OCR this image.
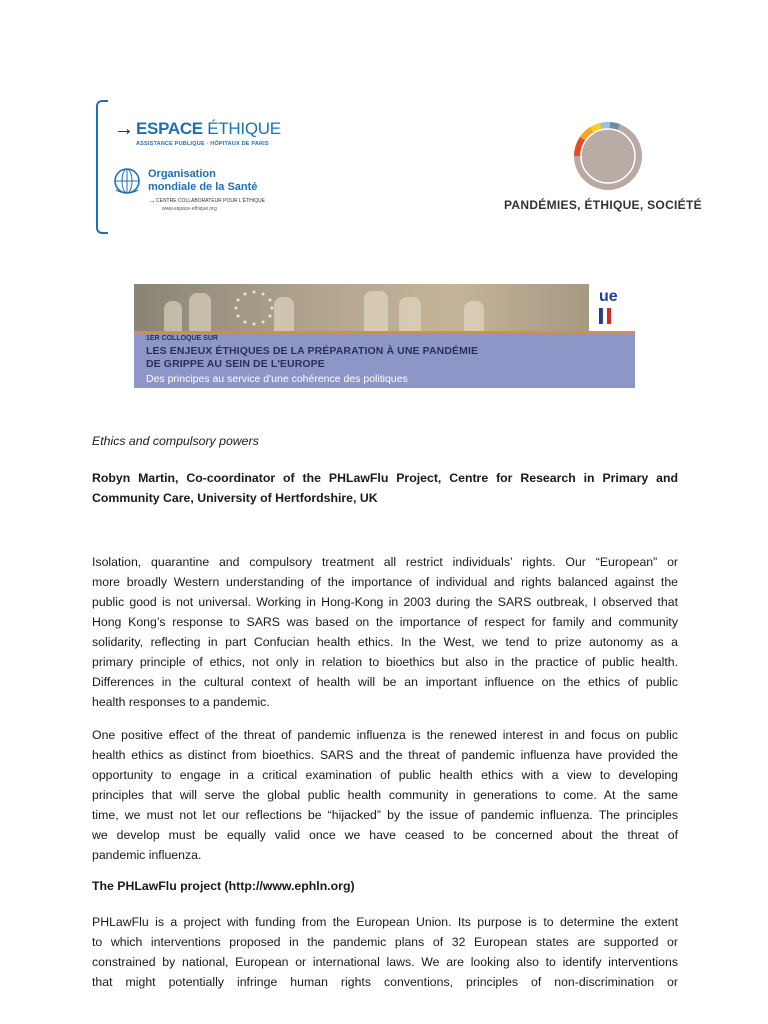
→ ESPACE ÉTHIQUE
ASSISTANCE PUBLIQUE · HÔPITAUX DE PARIS
Organisation
mondiale de la Santé
→ CENTRE COLLABORATEUR POUR L'ÉTHIQUE
www.espace-ethique.org	PANDÉMIES, ÉTHIQUE, SOCIÉTÉ
ue
1ER COLLOQUE SUR
LES ENJEUX ÉTHIQUES DE LA PRÉPARATION À UNE PANDÉMIE
DE GRIPPE AU SEIN DE L'EUROPE
Des principes au service d'une cohérence des politiques
Ethics and compulsory powers
Robyn Martin, Co-coordinator of the PHLawFlu Project, Centre for Research in Primary and
Community Care, University of Hertfordshire, UK
Isolation, quarantine and compulsory treatment all restrict individuals’ rights. Our “European” or
more broadly Western understanding of the importance of individual and rights balanced against the
public good is not universal. Working in Hong-Kong in 2003 during the SARS outbreak, I observed that
Hong Kong’s response to SARS was based on the importance of respect for family and community
solidarity, reflecting in part Confucian health ethics. In the West, we tend to prize autonomy as a
primary principle of ethics, not only in relation to bioethics but also in the practice of public health.
Differences in the cultural context of health will be an important influence on the ethics of public
health responses to a pandemic.
One positive effect of the threat of pandemic influenza is the renewed interest in and focus on public
health ethics as distinct from bioethics. SARS and the threat of pandemic influenza have provided the
opportunity to engage in a critical examination of public health ethics with a view to developing
principles that will serve the global public health community in generations to come. At the same
time, we must not let our reflections be “hijacked” by the issue of pandemic influenza. The principles
we develop must be equally valid once we have ceased to be concerned about the threat of
pandemic influenza.
The PHLawFlu project (http://www.ephln.org)
PHLawFlu is a project with funding from the European Union. Its purpose is to determine the extent
to which interventions proposed in the pandemic plans of 32 European states are supported or
constrained by national, European or international laws. We are looking also to identify interventions
that might potentially infringe human rights conventions, principles of non-discrimination or
